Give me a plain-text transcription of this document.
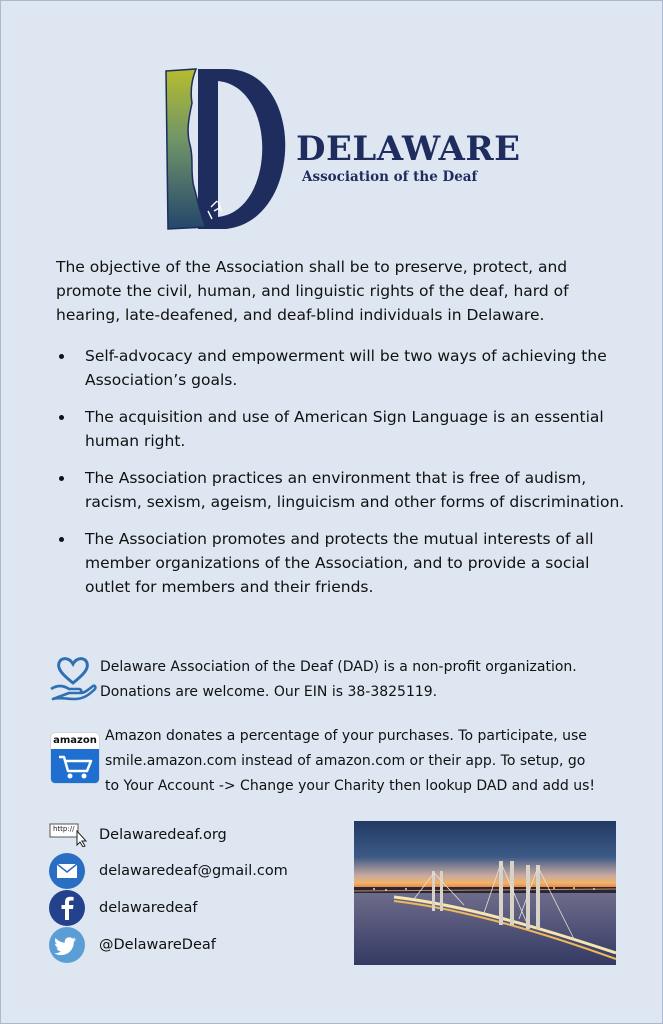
DELAWARE
Association of the Deaf
The objective of the Association shall be to preserve, protect, and promote the civil, human, and linguistic rights of the deaf, hard of hearing, late-deafened, and deaf-blind individuals in Delaware.
Self-advocacy and empowerment will be two ways of achieving the Association’s goals.
The acquisition and use of American Sign Language is an essential human right.
The Association practices an environment that is free of audism, racism, sexism, ageism, linguicism and other forms of discrimination.
The Association promotes and protects the mutual interests of all member organizations of the Association, and to provide a social outlet for members and their friends.
Delaware Association of the Deaf (DAD) is a non-profit organization.
Donations are welcome. Our EIN is 38-3825119.
amazon Amazon donates a percentage of your purchases. To participate, use
smile.amazon.com instead of amazon.com or their app. To setup, go
to Your Account -> Change your Charity then lookup DAD and add us!
http:// Delawaredeaf.org
delawaredeaf@gmail.com
delawaredeaf
@DelawareDeaf
